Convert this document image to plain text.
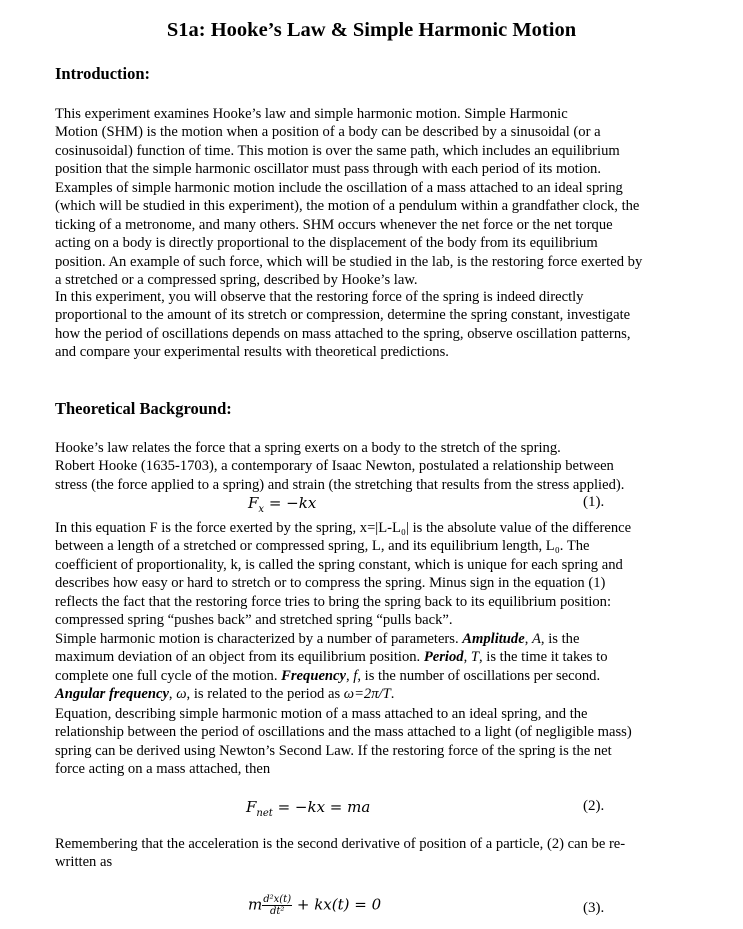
S1a: Hooke’s Law & Simple Harmonic Motion
Introduction:

This experiment examines Hooke’s law and simple harmonic motion. Simple Harmonic
Motion (SHM) is the motion when a position of a body can be described by a sinusoidal (or a
cosinusoidal) function of time. This motion is over the same path, which includes an equilibrium
position that the simple harmonic oscillator must pass through with each period of its motion.
Examples of simple harmonic motion include the oscillation of a mass attached to an ideal spring
(which will be studied in this experiment), the motion of a pendulum within a grandfather clock, the
ticking of a metronome, and many others. SHM occurs whenever the net force or the net torque
acting on a body is directly proportional to the displacement of the body from its equilibrium
position. An example of such force, which will be studied in the lab, is the restoring force exerted by
a stretched or a compressed spring, described by Hooke’s law.

In this experiment, you will observe that the restoring force of the spring is indeed directly
proportional to the amount of its stretch or compression, determine the spring constant, investigate
how the period of oscillations depends on mass attached to the spring, observe oscillation patterns,
and compare your experimental results with theoretical predictions.

Theoretical Background:

Hooke’s law relates the force that a spring exerts on a body to the stretch of the spring.
Robert Hooke (1635-1703), a contemporary of Isaac Newton, postulated a relationship between
stress (the force applied to a spring) and strain (the stretching that results from the stress applied).

$F_x = -kx$	(1).

In this equation F is the force exerted by the spring, x=|L-L₀| is the absolute value of the difference
between a length of a stretched or compressed spring, L, and its equilibrium length, L₀. The
coefficient of proportionality, k, is called the spring constant, which is unique for each spring and
describes how easy or hard to stretch or to compress the spring. Minus sign in the equation (1)
reflects the fact that the restoring force tries to bring the spring back to its equilibrium position:
compressed spring “pushes back” and stretched spring “pulls back”.

Simple harmonic motion is characterized by a number of parameters. Amplitude, A, is the
maximum deviation of an object from its equilibrium position. Period, T, is the time it takes to
complete one full cycle of the motion. Frequency, f, is the number of oscillations per second.
Angular frequency, ω, is related to the period as ω=2π/T.

Equation, describing simple harmonic motion of a mass attached to an ideal spring, and the
relationship between the period of oscillations and the mass attached to a light (of negligible mass)
spring can be derived using Newton’s Second Law. If the restoring force of the spring is the net
force acting on a mass attached, then

$F_{net} = -kx$ = ma	(2).

Remembering that the acceleration is the second derivative of position of a particle, (2) can be re-
written as

m $\frac{\text{d²x(t)}}{\text{dt²}} + kx(t) = 0$	(3).
